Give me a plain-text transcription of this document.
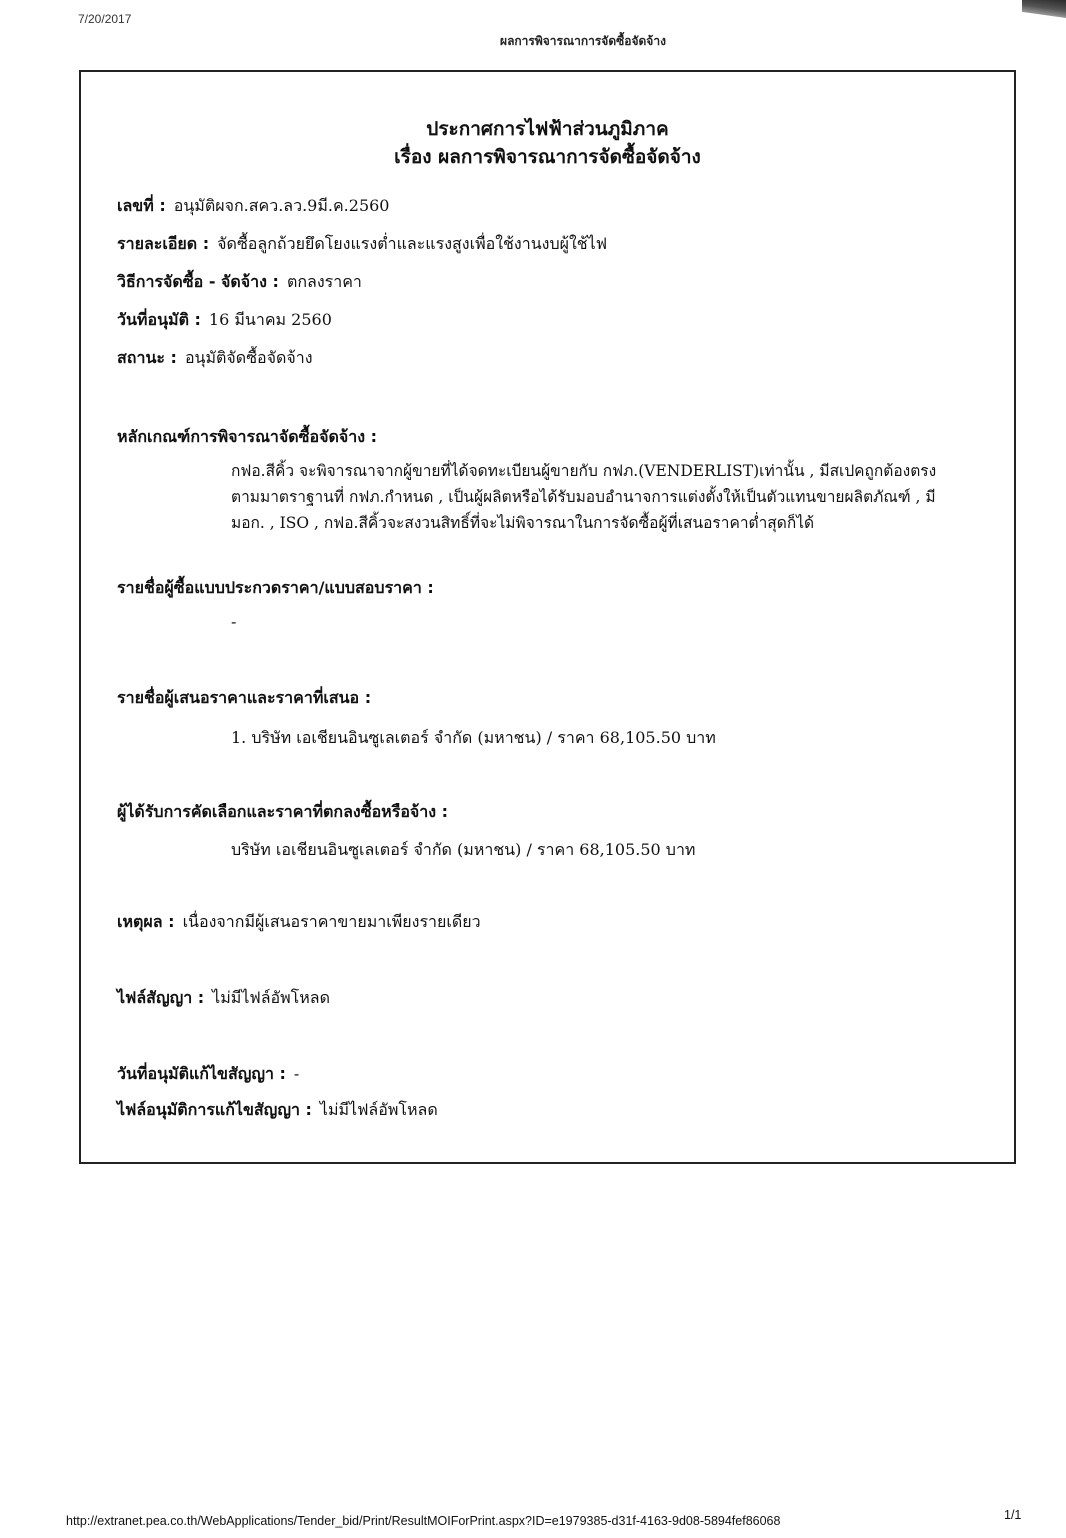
7/20/2017
ผลการพิจารณาการจัดซื้อจัดจ้าง
ประกาศการไฟฟ้าส่วนภูมิภาค
เรื่อง ผลการพิจารณาการจัดซื้อจัดจ้าง
เลขที่ : อนุมัติผจก.สคว.ลว.9มี.ค.2560
รายละเอียด : จัดซื้อลูกถ้วยยึดโยงแรงต่ำและแรงสูงเพื่อใช้งานงบผู้ใช้ไฟ
วิธีการจัดซื้อ - จัดจ้าง : ตกลงราคา
วันที่อนุมัติ : 16 มีนาคม 2560
สถานะ : อนุมัติจัดซื้อจัดจ้าง
หลักเกณฑ์การพิจารณาจัดซื้อจัดจ้าง :
กฟอ.สีคิ้ว จะพิจารณาจากผู้ขายที่ได้จดทะเบียนผู้ขายกับ กฟภ.(VENDERLIST)เท่านั้น , มีสเปคถูกต้องตรง
ตามมาตราฐานที่ กฟภ.กำหนด , เป็นผู้ผลิตหรือได้รับมอบอำนาจการแต่งตั้งให้เป็นตัวแทนขายผลิตภัณฑ์ , มี
มอก. , ISO , กฟอ.สีคิ้วจะสงวนสิทธิ์ที่จะไม่พิจารณาในการจัดซื้อผู้ที่เสนอราคาต่ำสุดก็ได้
รายชื่อผู้ซื้อแบบประกวดราคา/แบบสอบราคา :
-
รายชื่อผู้เสนอราคาและราคาที่เสนอ :
1. บริษัท เอเชียนอินซูเลเตอร์ จำกัด (มหาชน) / ราคา 68,105.50 บาท
ผู้ได้รับการคัดเลือกและราคาที่ตกลงซื้อหรือจ้าง :
บริษัท เอเชียนอินซูเลเตอร์ จำกัด (มหาชน) / ราคา 68,105.50 บาท
เหตุผล : เนื่องจากมีผู้เสนอราคาขายมาเพียงรายเดียว
ไฟล์สัญญา : ไม่มีไฟล์อัพโหลด
วันที่อนุมัติแก้ไขสัญญา : -
ไฟล์อนุมัติการแก้ไขสัญญา : ไม่มีไฟล์อัพโหลด
http://extranet.pea.co.th/WebApplications/Tender_bid/Print/ResultMOIForPrint.aspx?ID=e1979385-d31f-4163-9d08-5894fef86068	1/1
